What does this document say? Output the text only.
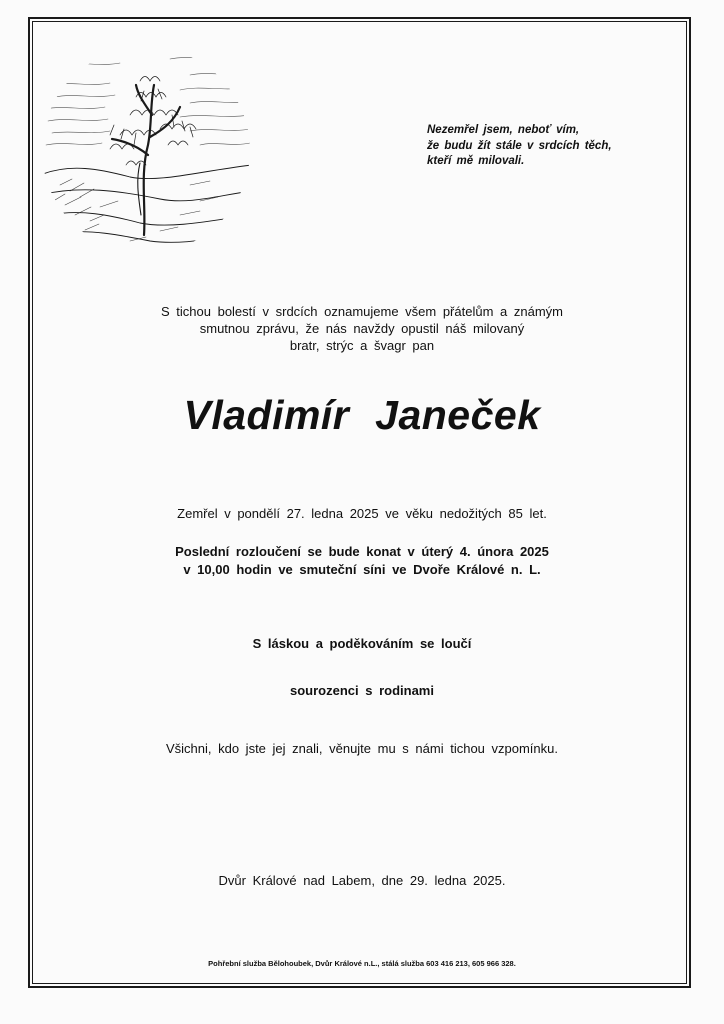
Nezemřel jsem, neboť vím,
že budu žít stále v srdcích těch,
kteří mě milovali.
S tichou bolestí v srdcích oznamujeme všem přátelům a známým
smutnou zprávu, že nás navždy opustil náš milovaný
bratr, strýc a švagr pan
Vladimír Janeček
Zemřel v pondělí 27. ledna 2025 ve věku nedožitých 85 let.
Poslední rozloučení se bude konat v úterý 4. února 2025
v 10,00 hodin ve smuteční síni ve Dvoře Králové n. L.
S láskou a poděkováním se loučí
sourozenci s rodinami
Všichni, kdo jste jej znali, věnujte mu s námi tichou vzpomínku.
Dvůr Králové nad Labem, dne 29. ledna 2025.
Pohřební služba Bělohoubek, Dvůr Králové n.L., stálá služba 603 416 213, 605 966 328.
